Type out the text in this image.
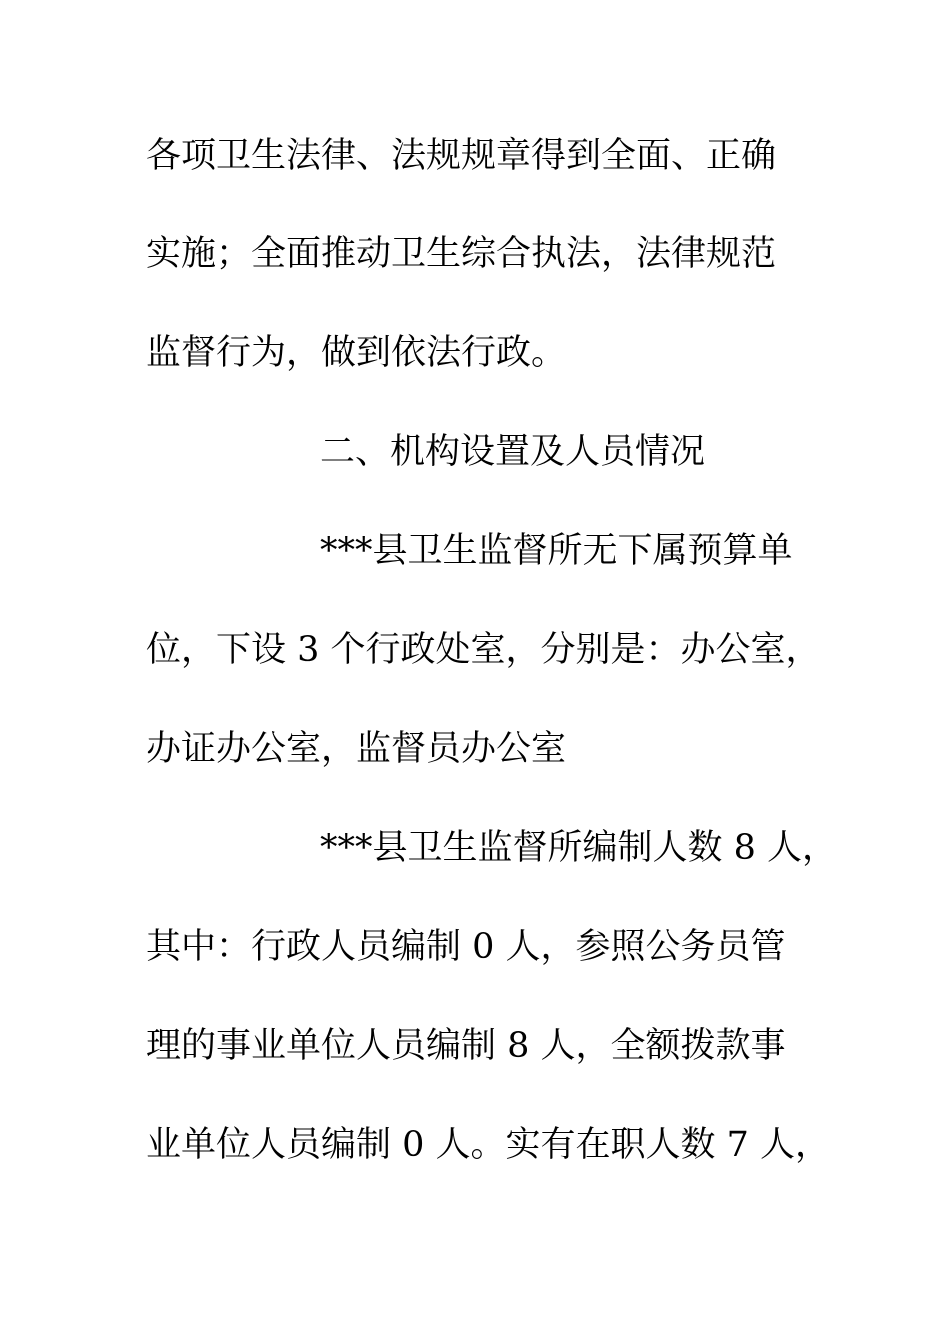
各项卫生法律、法规规章得到全面、正确

实施；全面推动卫生综合执法，法律规范

监督行为，做到依法行政。

二、机构设置及人员情况

***县卫生监督所无下属预算单

位，下设 3 个行政处室，分别是：办公室，

办证办公室，监督员办公室

***县卫生监督所编制人数 8 人，

其中：行政人员编制 0 人，参照公务员管

理的事业单位人员编制 8 人，全额拨款事

业单位人员编制 0 人。实有在职人数 7 人，
